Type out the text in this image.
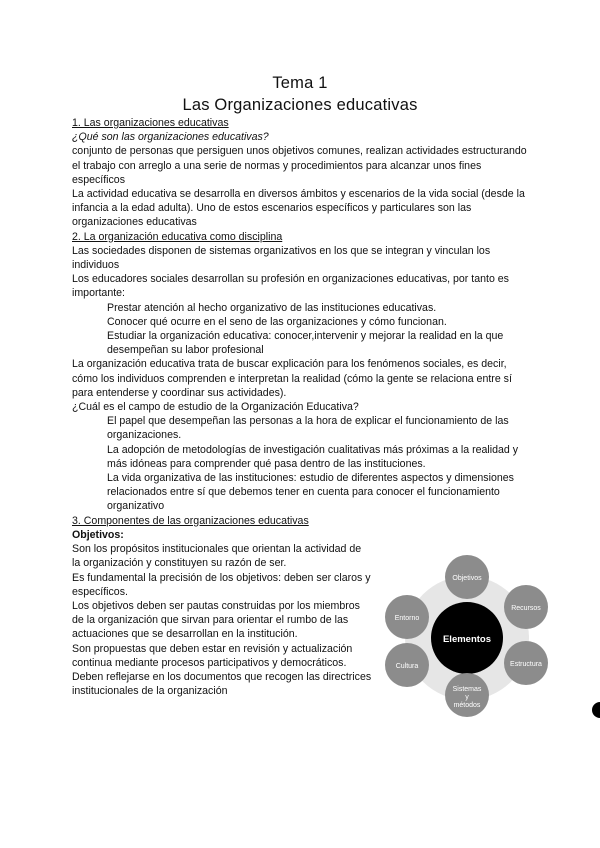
Tema 1
Las Organizaciones educativas

1. Las organizaciones educativas

¿Qué son las organizaciones educativas?

conjunto de personas que persiguen unos objetivos comunes, realizan actividades estructurando el trabajo con arreglo a una serie de normas y procedimientos para alcanzar unos fines específicos

La actividad educativa se desarrolla en diversos ámbitos y escenarios de la vida social (desde la infancia a la edad adulta). Uno de estos escenarios específicos y particulares son las organizaciones educativas

2. La organización educativa como disciplina

Las sociedades disponen de sistemas organizativos en los que se integran y vinculan los individuos

Los educadores sociales desarrollan su profesión en organizaciones educativas, por tanto es importante:

Prestar atención al hecho organizativo de las instituciones educativas.

Conocer qué ocurre en el seno de las organizaciones y cómo funcionan.

Estudiar la organización educativa: conocer,intervenir y mejorar la realidad en la que desempeñan su labor profesional

La organización educativa trata de buscar explicación para los fenómenos sociales, es decir, cómo los individuos comprenden e interpretan la realidad (cómo la gente se relaciona entre sí para entenderse y coordinar sus actividades).

¿Cuál es el campo de estudio de la Organización Educativa?

El papel que desempeñan las personas a la hora de explicar el funcionamiento de las organizaciones.

La adopción de metodologías de investigación cualitativas más próximas a la realidad y más idóneas para comprender qué pasa dentro de las instituciones.

La vida organizativa de las instituciones: estudio de diferentes aspectos y dimensiones relacionados entre sí que debemos tener en cuenta para conocer el funcionamiento organizativo

3. Componentes de las organizaciones educativas

Objetivos:

Son los propósitos institucionales que orientan la actividad de la organización y constituyen su razón de ser.

Es fundamental la precisión de los objetivos: deben ser claros y específicos.

Los objetivos deben ser pautas construidas por los miembros de la organización que sirvan para orientar el rumbo de las actuaciones que se desarrollan en la institución.

Son propuestas que deben estar en revisión y actualización continua mediante procesos participativos y democráticos.

Deben reflejarse en los documentos que recogen las directrices institucionales de la organización

Elementos
Objetivos
Recursos
Estructura
Sistemas
y
métodos
Cultura
Entorno
